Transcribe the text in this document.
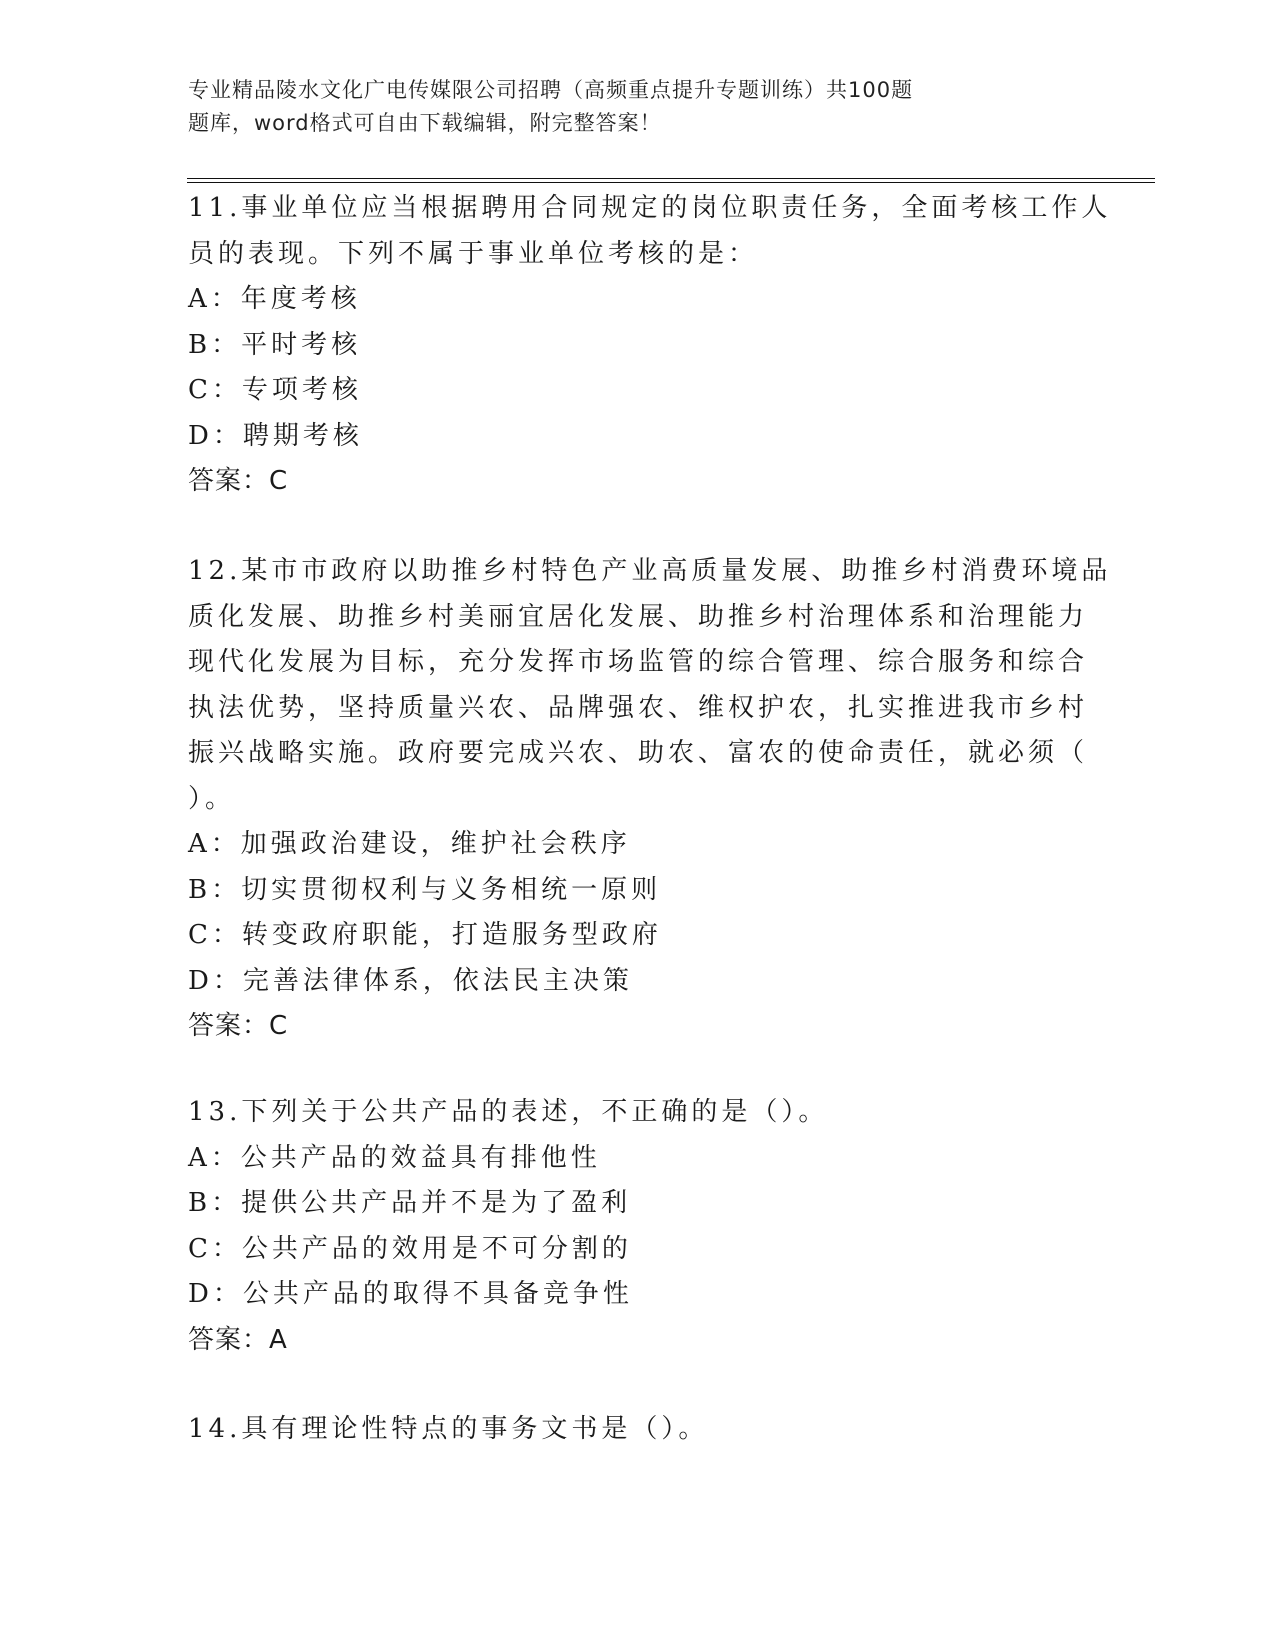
专业精品陵水文化广电传媒限公司招聘（高频重点提升专题训练）共100题
题库，word格式可自由下载编辑，附完整答案！
11.事业单位应当根据聘用合同规定的岗位职责任务，全面考核工作人
员的表现。下列不属于事业单位考核的是：
A：年度考核
B：平时考核
C：专项考核
D：聘期考核
答案：C
12.某市市政府以助推乡村特色产业高质量发展、助推乡村消费环境品
质化发展、助推乡村美丽宜居化发展、助推乡村治理体系和治理能力
现代化发展为目标，充分发挥市场监管的综合管理、综合服务和综合
执法优势，坚持质量兴农、品牌强农、维权护农，扎实推进我市乡村
振兴战略实施。政府要完成兴农、助农、富农的使命责任，就必须（
）。
A：加强政治建设，维护社会秩序
B：切实贯彻权利与义务相统一原则
C：转变政府职能，打造服务型政府
D：完善法律体系，依法民主决策
答案：C
13.下列关于公共产品的表述，不正确的是（）。
A：公共产品的效益具有排他性
B：提供公共产品并不是为了盈利
C：公共产品的效用是不可分割的
D：公共产品的取得不具备竞争性
答案：A
14.具有理论性特点的事务文书是（）。
